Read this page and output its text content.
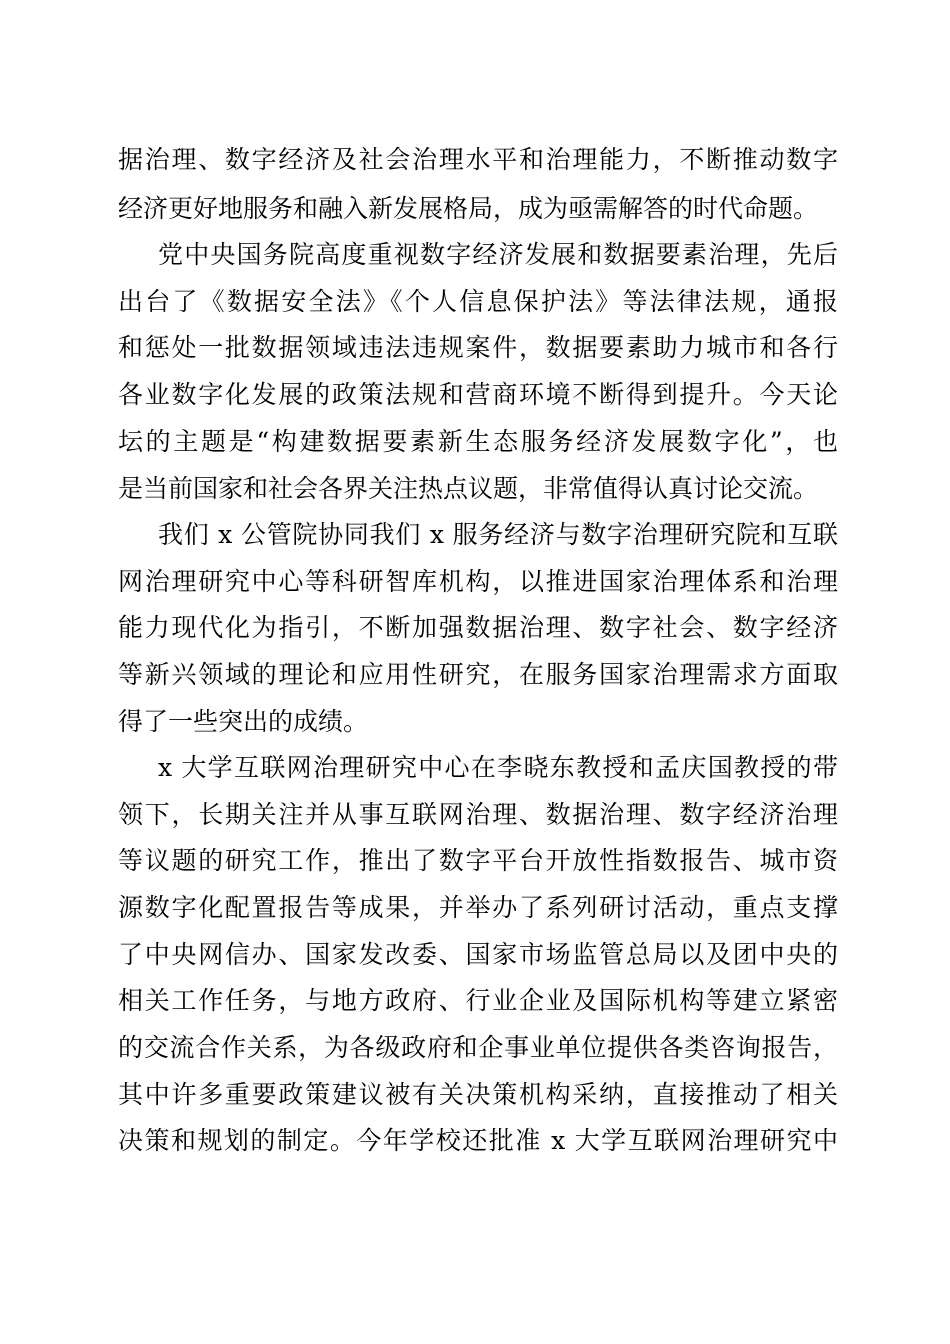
据治理、数字经济及社会治理水平和治理能力，不断推动数字
经济更好地服务和融入新发展格局，成为亟需解答的时代命题。
党中央国务院高度重视数字经济发展和数据要素治理，先后
出台了《数据安全法》《个人信息保护法》等法律法规，通报
和惩处一批数据领域违法违规案件，数据要素助力城市和各行
各业数字化发展的政策法规和营商环境不断得到提升。今天论
坛的主题是“构建数据要素新生态服务经济发展数字化”，也
是当前国家和社会各界关注热点议题，非常值得认真讨论交流。
我们 x 公管院协同我们 x 服务经济与数字治理研究院和互联
网治理研究中心等科研智库机构，以推进国家治理体系和治理
能力现代化为指引，不断加强数据治理、数字社会、数字经济
等新兴领域的理论和应用性研究，在服务国家治理需求方面取
得了一些突出的成绩。
x 大学互联网治理研究中心在李晓东教授和孟庆国教授的带
领下，长期关注并从事互联网治理、数据治理、数字经济治理
等议题的研究工作，推出了数字平台开放性指数报告、城市资
源数字化配置报告等成果，并举办了系列研讨活动，重点支撑
了中央网信办、国家发改委、国家市场监管总局以及团中央的
相关工作任务，与地方政府、行业企业及国际机构等建立紧密
的交流合作关系，为各级政府和企事业单位提供各类咨询报告，
其中许多重要政策建议被有关决策机构采纳，直接推动了相关
决策和规划的制定。今年学校还批准 x 大学互联网治理研究中
